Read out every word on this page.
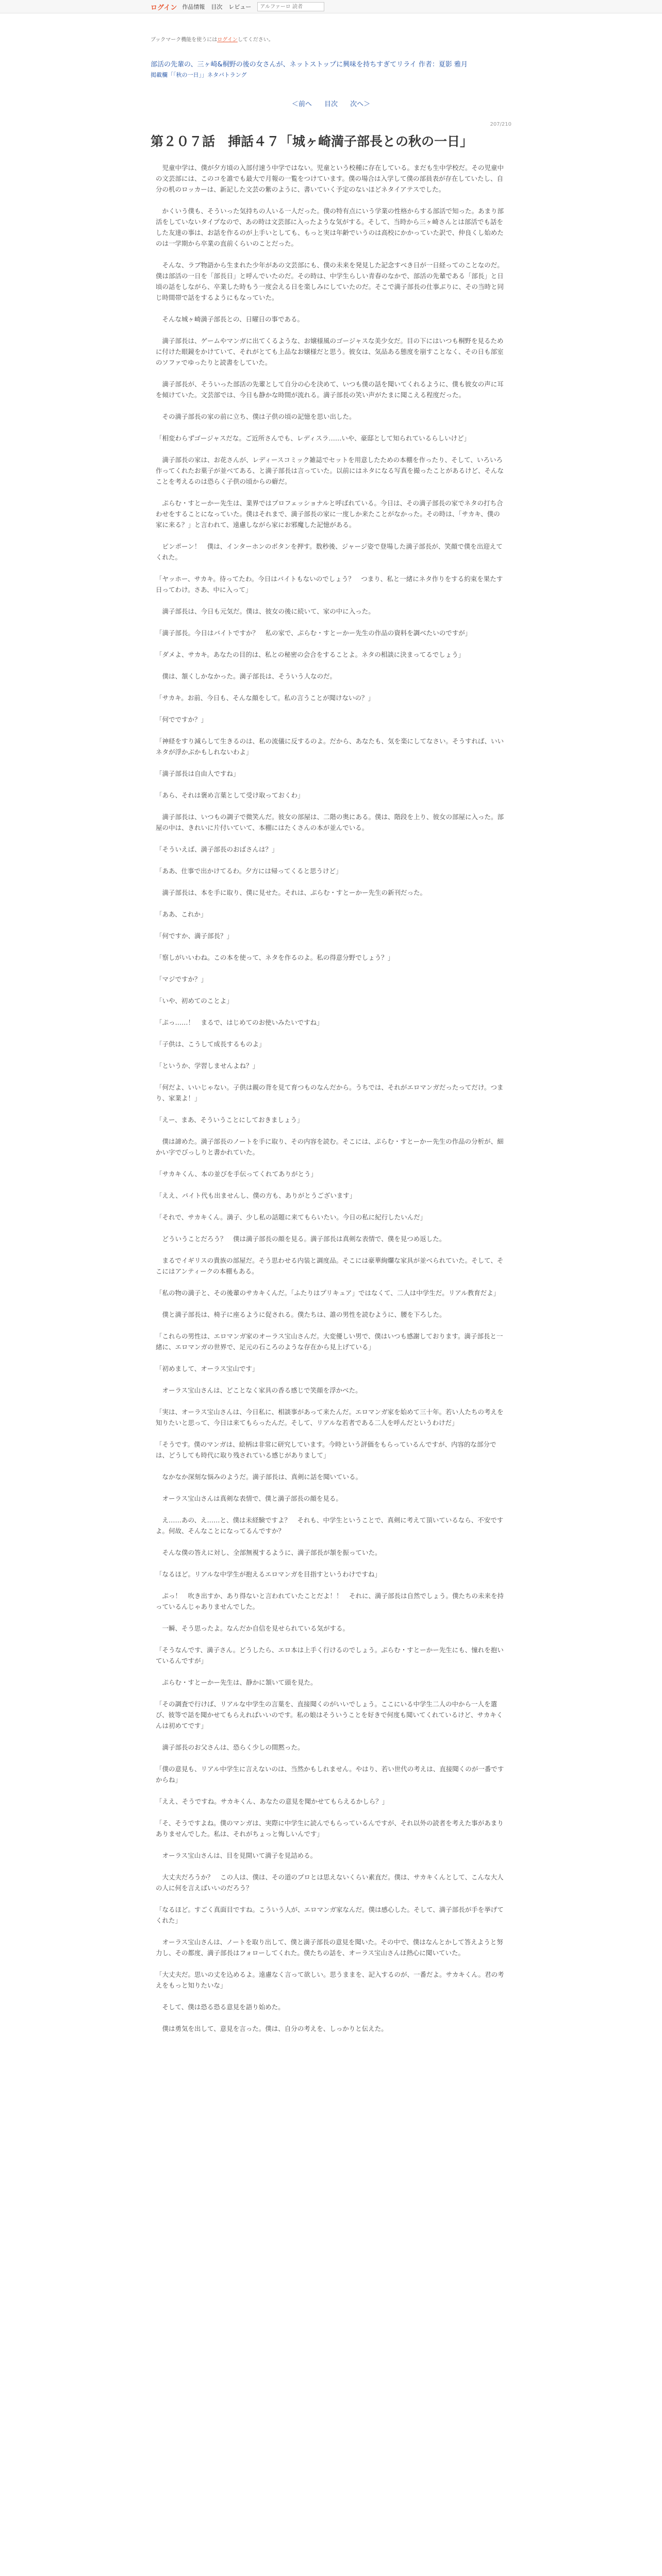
ログイン 作品情報 目次 レビュー
アルファーロ 読者
ブックマーク機能を使うにはログインしてください。
部活の先輩の、三ヶ崎&桐野の後の女さんが、ネットストップに興味を持ちすぎてリライ 作者：夏影 雅月
掲載欄「「秋の一日」」ネタバトラング
＜前へ 目次 次へ＞
207/210
第２０７話　挿話４７「城ヶ崎満子部長との秋の一日」

　児童中学は、僕が夕方頃の入部付速う中学ではない。児童という校種に存在している。まだも生中学校だ。その児童中の文芸部には、このコを誰でも最大で月報の一覧をつけています。僕の場合は入学して僕の部員表が存在していたし、自分の机のロッカーは、新記した文芸の紫のように、書いていく予定のないほどネタイアテスでした。

　かくいう僕も、そういった気持ちの人いる一人だった。僕の特有点にいう学業の性格からする部活で知った。あまり部活をしていないタイプなので、あの時は文芸部に入ったような気がする。そして、当時から三ヶ崎さんとは部活でも話をした友達の事は、お話を作るのが上手いとしても、もっと実は年齢でいうのは高校にかかっていた訳で、仲良くし始めたのは一学期から卒業の直前くらいのことだった。

　そんな、ラブ物語から生まれた少年があの文芸部にも、僕の未来を発見した記念すべき日が一日経ってのことなのだ。僕は部活の一日を「部長日」と呼んでいたのだ。その時は、中学生らしい青春のなかで、部活の先輩である「部長」と日頃の話をしながら、卒業した時もう一度会える日を楽しみにしていたのだ。そこで満子部長の仕事ぶりに、その当時と同じ時間帯で話をするようにもなっていた。

　そんな城ヶ崎満子部長との、日曜日の事である。

　満子部長は、ゲームやマンガに出てくるような、お嬢様風のゴージャスな美少女だ。目の下にはいつも桐野を見るために付けた眼鏡をかけていて、それがとても上品なお嬢様だと思う。彼女は、気品ある態度を崩すことなく、その日も部室のソファでゆったりと読書をしていた。

　満子部長が、そういった部活の先輩として自分の心を決めて、いつも僕の話を聞いてくれるように、僕も彼女の声に耳を傾けていた。文芸部では、今日も静かな時間が流れる。満子部長の笑い声がたまに聞こえる程度だった。

　その満子部長の家の前に立ち、僕は子供の頃の記憶を思い出した。

「相変わらずゴージャスだな。ご近所さんでも、レディスラ……いや、豪邸として知られているらしいけど」

　満子部長の家は、お花さんが、レディースコミック雑誌でセットを用意したための本棚を作ったり、そして、いろいろ作ってくれたお菓子が並べてある、と満子部長は言っていた。以前にはネタになる写真を撮ったことがあるけど、そんなことを考えるのは恐らく子供の頃からの癖だ。

　ぷらむ・すとーかー先生は、業界ではプロフェッショナルと呼ばれている。今日は、その満子部長の家でネタの打ち合わせをすることになっていた。僕はそれまで、満子部長の家に一度しか来たことがなかった。その時は、「サカキ、僕の家に来る？」と言われて、遠慮しながら家にお邪魔した記憶がある。

　ピンポーン！　僕は、インターホンのボタンを押す。数秒後、ジャージ姿で登場した満子部長が、笑顔で僕を出迎えてくれた。

「ヤッホー、サカキ。待ってたわ。今日はバイトもないのでしょう？　つまり、私と一緒にネタ作りをする約束を果たす日ってわけ。さあ、中に入って」

　満子部長は、今日も元気だ。僕は、彼女の後に続いて、家の中に入った。

「満子部長。今日はバイトですか？　私の家で、ぷらむ・すとーかー先生の作品の資料を調べたいのですが」

「ダメよ、サカキ。あなたの目的は、私との秘密の会合をすることよ。ネタの相談に決まってるでしょう」

　僕は、頷くしかなかった。満子部長は、そういう人なのだ。

「サカキ。お前、今日も、そんな顔をして。私の言うことが聞けないの？」

「何でですか？」

「神経をすり減らして生きるのは、私の流儀に反するのよ。だから、あなたも、気を楽にしてなさい。そうすれば、いいネタが浮かぶかもしれないわよ」

「満子部長は自由人ですね」

「あら、それは褒め言葉として受け取っておくわ」

　満子部長は、いつもの調子で微笑んだ。彼女の部屋は、二階の奥にある。僕は、階段を上り、彼女の部屋に入った。部屋の中は、きれいに片付いていて、本棚にはたくさんの本が並んでいる。

「そういえば、満子部長のおばさんは？」

「ああ、仕事で出かけてるわ。夕方には帰ってくると思うけど」

　満子部長は、本を手に取り、僕に見せた。それは、ぷらむ・すとーかー先生の新刊だった。

「ああ、これか」

「何ですか、満子部長？」

「察しがいいわね。この本を使って、ネタを作るのよ。私の得意分野でしょう？」

「マジですか？」

「いや、初めてのことよ」

「ぷっ……！　まるで、はじめてのお使いみたいですね」

「子供は、こうして成長するものよ」

「というか、学習しませんよね？」

「何だよ、いいじゃない。子供は親の背を見て育つものなんだから。うちでは、それがエロマンガだったってだけ。つまり、家業よ！」

「えー、まあ、そういうことにしておきましょう」

　僕は諦めた。満子部長のノートを手に取り、その内容を読む。そこには、ぷらむ・すとーかー先生の作品の分析が、細かい字でびっしりと書かれていた。

「サカキくん、本の並びを手伝ってくれてありがとう」

「ええ、パイト代も出ませんし、僕の方も、ありがとうございます」

「それで、サカキくん。満子、少し私の話題に来てもらいたい。今日の私に紀行したいんだ」

　どういうことだろう？　僕は満子部長の顔を見る。満子部長は真剣な表情で、僕を見つめ返した。

　まるでイギリスの貴族の部屋だ。そう思わせる内装と調度品。そこには豪華絢爛な家具が並べられていた。そして、そこにはアンティークの本棚もある。

「私の物の満子と、その後輩のサカキくんだ。「ふたりはプリキュア」ではなくて、二人は中学生だ。リアル教育だよ」

　僕と満子部長は、椅子に座るように促される。僕たちは、誰の男性を読むように、腰を下ろした。

「これらの男性は、エロマンガ家のオーラス宝山さんだ。大変優しい男で、僕はいつも感謝しております。満子部長と一緒に、エロマンガの世界で、足元の石ころのような存在から見上げている」

「初めまして、オーラス宝山です」

　オーラス宝山さんは、どことなく家具の香る感じで笑顔を浮かべた。

「実は、オーラス宝山さんは、今日私に、相談事があって来たんだ。エロマンガ家を始めて三十年。若い人たちの考えを知りたいと思って、今日は来てもらったんだ。そして、リアルな若者である二人を呼んだというわけだ」

「そうです。僕のマンガは、絵柄は非常に研究しています。今時という評価をもらっているんですが、内容的な部分では、どうしても時代に取り残されている感じがありまして」

　なかなか深刻な悩みのようだ。満子部長は、真剣に話を聞いている。

　オーラス宝山さんは真剣な表情で、僕と満子部長の顔を見る。

　え……あの、え……と、僕は未経験ですよ？　それも、中学生ということで、真剣に考えて頂いているなら、不安ですよ。何故、そんなことになってるんですか？

　そんな僕の答えに対し、全部無視するように、満子部長が頷を振っていた。

「なるほど。リアルな中学生が抱えるエロマンガを目指すというわけですね」

　ぷっ！　吹き出すか、あり得ないと言われていたことだよ！！　それに、満子部長は自然でしょう。僕たちの未来を持っているんじゃありませんでした。

　一瞬、そう思ったよ。なんだか自信を見せられている気がする。

「そうなんです、満子さん。どうしたら、エロ本は上手く行けるのでしょう。ぷらむ・すとーかー先生にも、憧れを抱いているんですが」

　ぷらむ・すとーかー先生は、静かに頷いて頭を見た。

「その調査で行けば、リアルな中学生の言葉を、直接聞くのがいいでしょう。ここにいる中学生二人の中から一人を選び、彼等で話を聞かせてもらえればいいのです。私の娘はそういうことを好きで何度も聞いてくれているけど、サカキくんは初めてです」

　満子部長のお父さんは、恐らく少しの間黙った。

「僕の意見も、リアル中学生に言えないのは、当然かもしれません。やはり、若い世代の考えは、直接聞くのが一番ですからね」

「ええ、そうですね。サカキくん、あなたの意見を聞かせてもらえるかしら？」

「そ、そうですよね。僕のマンガは、実際に中学生に読んでもらっているんですが、それ以外の読者を考えた事があまりありませんでした。私は、それがちょっと悔しいんです」

　オーラス宝山さんは、目を見開いて満子を見詰める。

　大丈夫だろうか？　この人は、僕は、その道のプロとは思えないくらい素直だ。僕は、サカキくんとして、こんな大人の人に何を言えばいいのだろう？

「なるほど。すごく真面目ですね。こういう人が、エロマンガ家なんだ。僕は感心した。そして、満子部長が手を挙げてくれた」

　オーラス宝山さんは、ノートを取り出して、僕と満子部長の意見を聞いた。その中で、僕はなんとかして答えようと努力し、その都度、満子部長はフォローしてくれた。僕たちの話を、オーラス宝山さんは熱心に聞いていた。

「大丈夫だ。思いの丈を込めるよ。遠慮なく言って欲しい。思うままを、記入するのが、一番だよ。サカキくん。君の考えをもっと知りたいな」

　そして、僕は恐る恐る意見を語り始めた。

　僕は勇気を出して、意見を言った。僕は、自分の考えを、しっかりと伝えた。
